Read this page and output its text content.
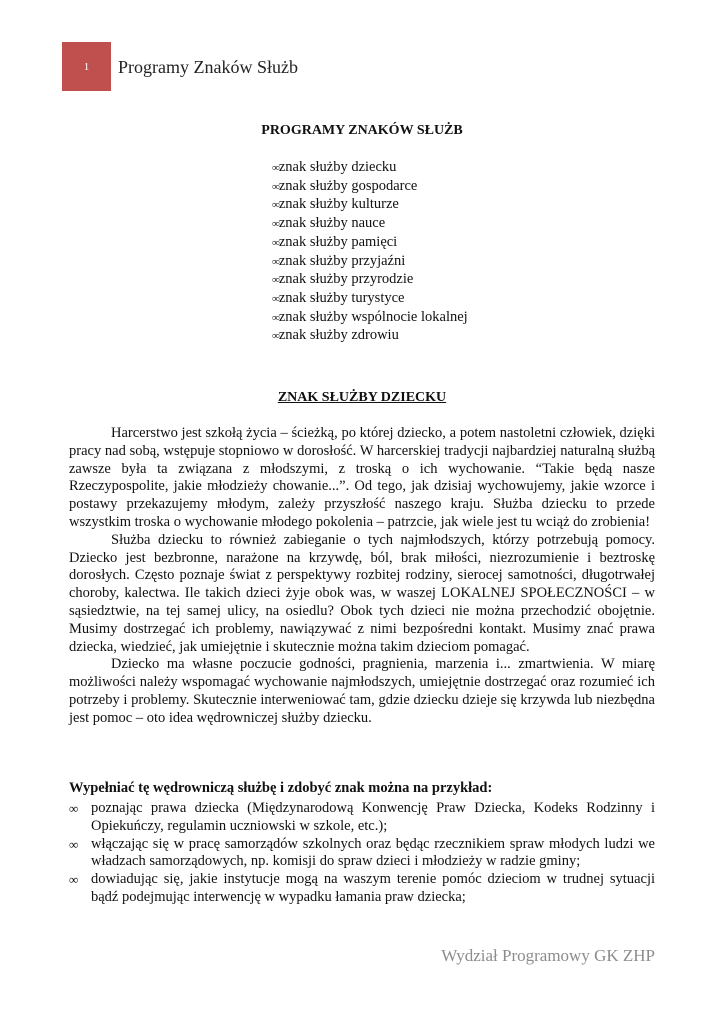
1 Programy Znaków Służb
PROGRAMY ZNAKÓW SŁUŻB
∞znak służby dziecku
∞znak służby gospodarce
∞znak służby kulturze
∞znak służby nauce
∞znak służby pamięci
∞znak służby przyjaźni
∞znak służby przyrodzie
∞znak służby turystyce
∞znak służby wspólnocie lokalnej
∞znak służby zdrowiu
ZNAK SŁUŻBY DZIECKU

Harcerstwo jest szkołą życia – ścieżką, po której dziecko, a potem nastoletni człowiek, dzięki pracy nad sobą, wstępuje stopniowo w dorosłość. W harcerskiej tradycji najbardziej naturalną służbą zawsze była ta związana z młodszymi, z troską o ich wychowanie. “Takie będą nasze Rzeczypospolite, jakie młodzieży chowanie...”. Od tego, jak dzisiaj wychowujemy, jakie wzorce i postawy przekazujemy młodym, zależy przyszłość naszego kraju. Służba dziecku to przede wszystkim troska o wychowanie młodego pokolenia – patrzcie, jak wiele jest tu wciąż do zrobienia!

Służba dziecku to również zabieganie o tych najmłodszych, którzy potrzebują pomocy. Dziecko jest bezbronne, narażone na krzywdę, ból, brak miłości, niezrozumienie i beztroskę dorosłych. Często poznaje świat z perspektywy rozbitej rodziny, sierocej samotności, długotrwałej choroby, kalectwa. Ile takich dzieci żyje obok was, w waszej LOKALNEJ SPOŁECZNOŚCI – w sąsiedztwie, na tej samej ulicy, na osiedlu? Obok tych dzieci nie można przechodzić obojętnie. Musimy dostrzegać ich problemy, nawiązywać z nimi bezpośredni kontakt. Musimy znać prawa dziecka, wiedzieć, jak umiejętnie i skutecznie można takim dzieciom pomagać.

Dziecko ma własne poczucie godności, pragnienia, marzenia i... zmartwienia. W miarę możliwości należy wspomagać wychowanie najmłodszych, umiejętnie dostrzegać oraz rozumieć ich potrzeby i problemy. Skutecznie interweniować tam, gdzie dziecku dzieje się krzywda lub niezbędna jest pomoc – oto idea wędrowniczej służby dziecku.

Wypełniać tę wędrowniczą służbę i zdobyć znak można na przykład:
∞ poznając prawa dziecka (Międzynarodową Konwencję Praw Dziecka, Kodeks Rodzinny i Opiekuńczy, regulamin uczniowski w szkole, etc.);
∞ włączając się w pracę samorządów szkolnych oraz będąc rzecznikiem spraw młodych ludzi we władzach samorządowych, np. komisji do spraw dzieci i młodzieży w radzie gminy;
∞ dowiadując się, jakie instytucje mogą na waszym terenie pomóc dzieciom w trudnej sytuacji bądź podejmując interwencję w wypadku łamania praw dziecka;
Wydział Programowy GK ZHP
